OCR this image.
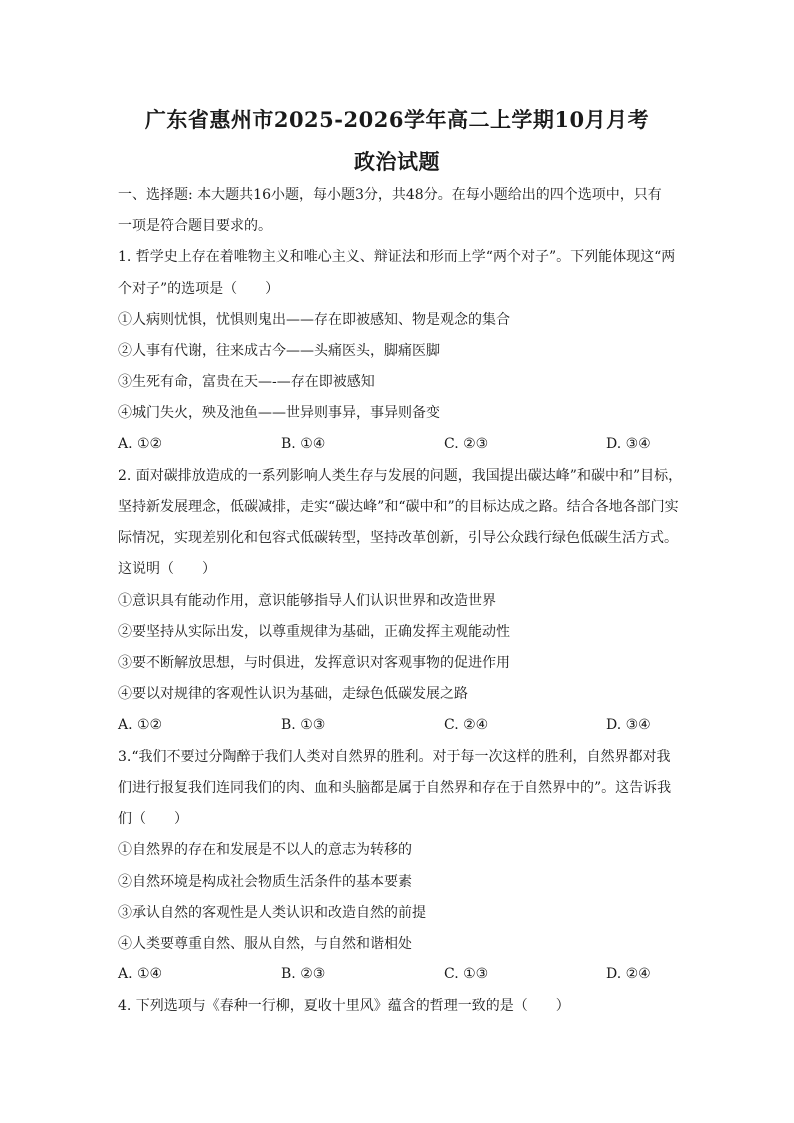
广东省惠州市2025-2026学年高二上学期10月月考
政治试题
一、选择题: 本大题共16小题，每小题3分，共48分。在每小题给出的四个选项中，只有
一项是符合题目要求的。
1. 哲学史上存在着唯物主义和唯心主义、辩证法和形而上学“两个对子”。下列能体现这“两
个对子”的选项是（　　）
①人病则忧惧，忧惧则鬼出——存在即被感知、物是观念的集合
②人事有代谢，往来成古今——头痛医头，脚痛医脚
③生死有命，富贵在天—-—存在即被感知
④城门失火，殃及池鱼——世异则事异，事异则备变
A. ①②	B. ①④	C. ②③	D. ③④
2. 面对碳排放造成的一系列影响人类生存与发展的问题，我国提出碳达峰”和碳中和”目标，
坚持新发展理念，低碳减排，走实“碳达峰”和“碳中和”的目标达成之路。结合各地各部门实
际情况，实现差别化和包容式低碳转型，坚持改革创新，引导公众践行绿色低碳生活方式。
这说明（　　）
①意识具有能动作用，意识能够指导人们认识世界和改造世界
②要坚持从实际出发，以尊重规律为基础，正确发挥主观能动性
③要不断解放思想，与时俱进，发挥意识对客观事物的促进作用
④要以对规律的客观性认识为基础，走绿色低碳发展之路
A. ①②	B. ①③	C. ②④	D. ③④
3.“我们不要过分陶醉于我们人类对自然界的胜利。对于每一次这样的胜利，自然界都对我
们进行报复我们连同我们的肉、血和头脑都是属于自然界和存在于自然界中的”。这告诉我
们（　　）
①自然界的存在和发展是不以人的意志为转移的
②自然环境是构成社会物质生活条件的基本要素
③承认自然的客观性是人类认识和改造自然的前提
④人类要尊重自然、服从自然，与自然和谐相处
A. ①④	B. ②③	C. ①③	D. ②④
4. 下列选项与《春种一行柳，夏收十里风》蕴含的哲理一致的是（　　）
